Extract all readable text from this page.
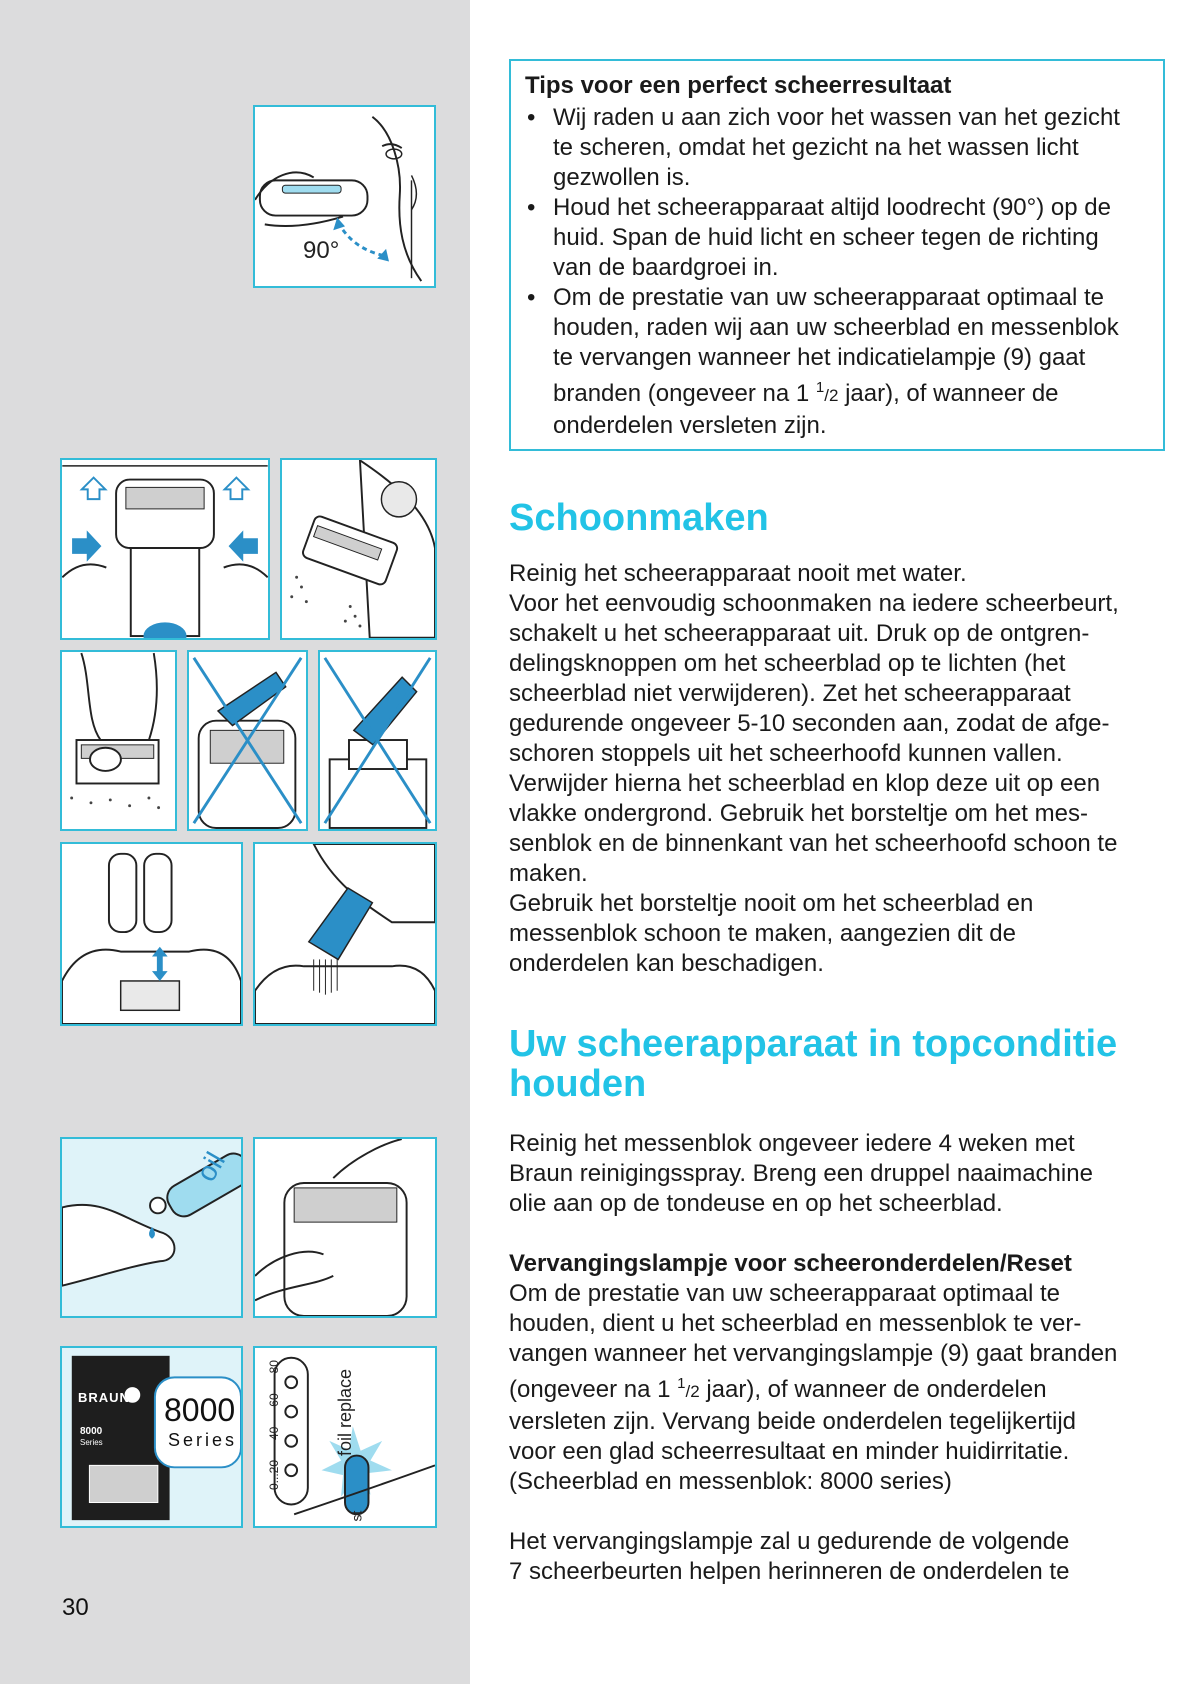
90°
oil
BRAUN 8000
Series
8000
Series
0...20
40
60
80
foil replace
st
30
Tips voor een perfect scheerresultaat
• Wij raden u aan zich voor het wassen van het gezicht
te scheren, omdat het gezicht na het wassen licht
gezwollen is.
• Houd het scheerapparaat altijd loodrecht (90°) op de
huid. Span de huid licht en scheer tegen de richting
van de baardgroei in.
• Om de prestatie van uw scheerapparaat optimaal te
houden, raden wij aan uw scheerblad en messenblok
te vervangen wanneer het indicatielampje (9) gaat
branden (ongeveer na 1 $^1$/2 jaar), of wanneer de
onderdelen versleten zijn.
Schoonmaken

Reinig het scheerapparaat nooit met water.

Voor het eenvoudig schoonmaken na iedere scheerbeurt,

schakelt u het scheerapparaat uit. Druk op de ontgren-

delingsknoppen om het scheerblad op te lichten (het

scheerblad niet verwijderen). Zet het scheerapparaat

gedurende ongeveer 5-10 seconden aan, zodat de afge-

schoren stoppels uit het scheerhoofd kunnen vallen.

Verwijder hierna het scheerblad en klop deze uit op een

vlakke ondergrond. Gebruik het borsteltje om het mes-

senblok en de binnenkant van het scheerhoofd schoon te

maken.

Gebruik het borsteltje nooit om het scheerblad en

messenblok schoon te maken, aangezien dit de

onderdelen kan beschadigen.

Uw scheerapparaat in topconditie
houden

Reinig het messenblok ongeveer iedere 4 weken met

Braun reinigingsspray. Breng een druppel naaimachine

olie aan op de tondeuse en op het scheerblad.

Vervangingslampje voor scheeronderdelen/Reset

Om de prestatie van uw scheerapparaat optimaal te

houden, dient u het scheerblad en messenblok te ver-

vangen wanneer het vervangingslampje (9) gaat branden

(ongeveer na 1 $^1$/2 jaar), of wanneer de onderdelen

versleten zijn. Vervang beide onderdelen tegelijkertijd

voor een glad scheerresultaat en minder huidirritatie.

(Scheerblad en messenblok: 8000 series)

Het vervangingslampje zal u gedurende de volgende

7 scheerbeurten helpen herinneren de onderdelen te
